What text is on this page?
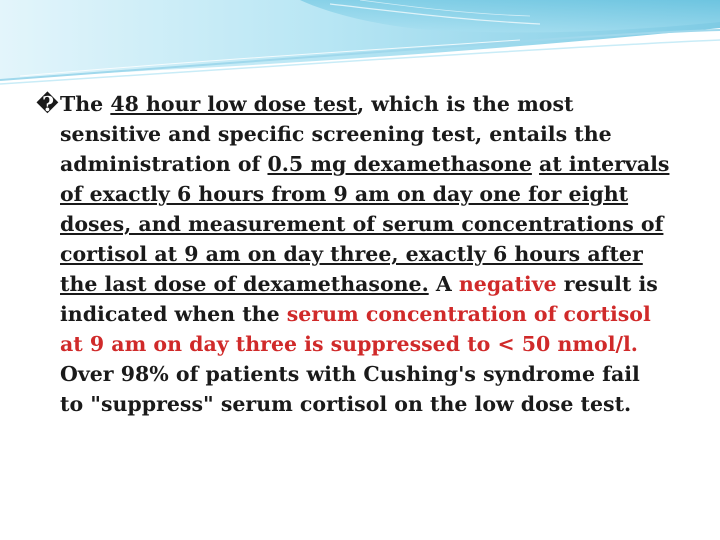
�The 48 hour low dose test, which is the most sensitive and specific screening test, entails the administration of 0.5 mg dexamethasone at intervals of exactly 6 hours from 9 am on day one for eight doses, and measurement of serum concentrations of cortisol at 9 am on day three, exactly 6 hours after the last dose of dexamethasone. A negative result is indicated when the serum concentration of cortisol at 9 am on day three is suppressed to < 50 nmol/l. Over 98% of patients with Cushing's syndrome fail to "suppress" serum cortisol on the low dose test.
